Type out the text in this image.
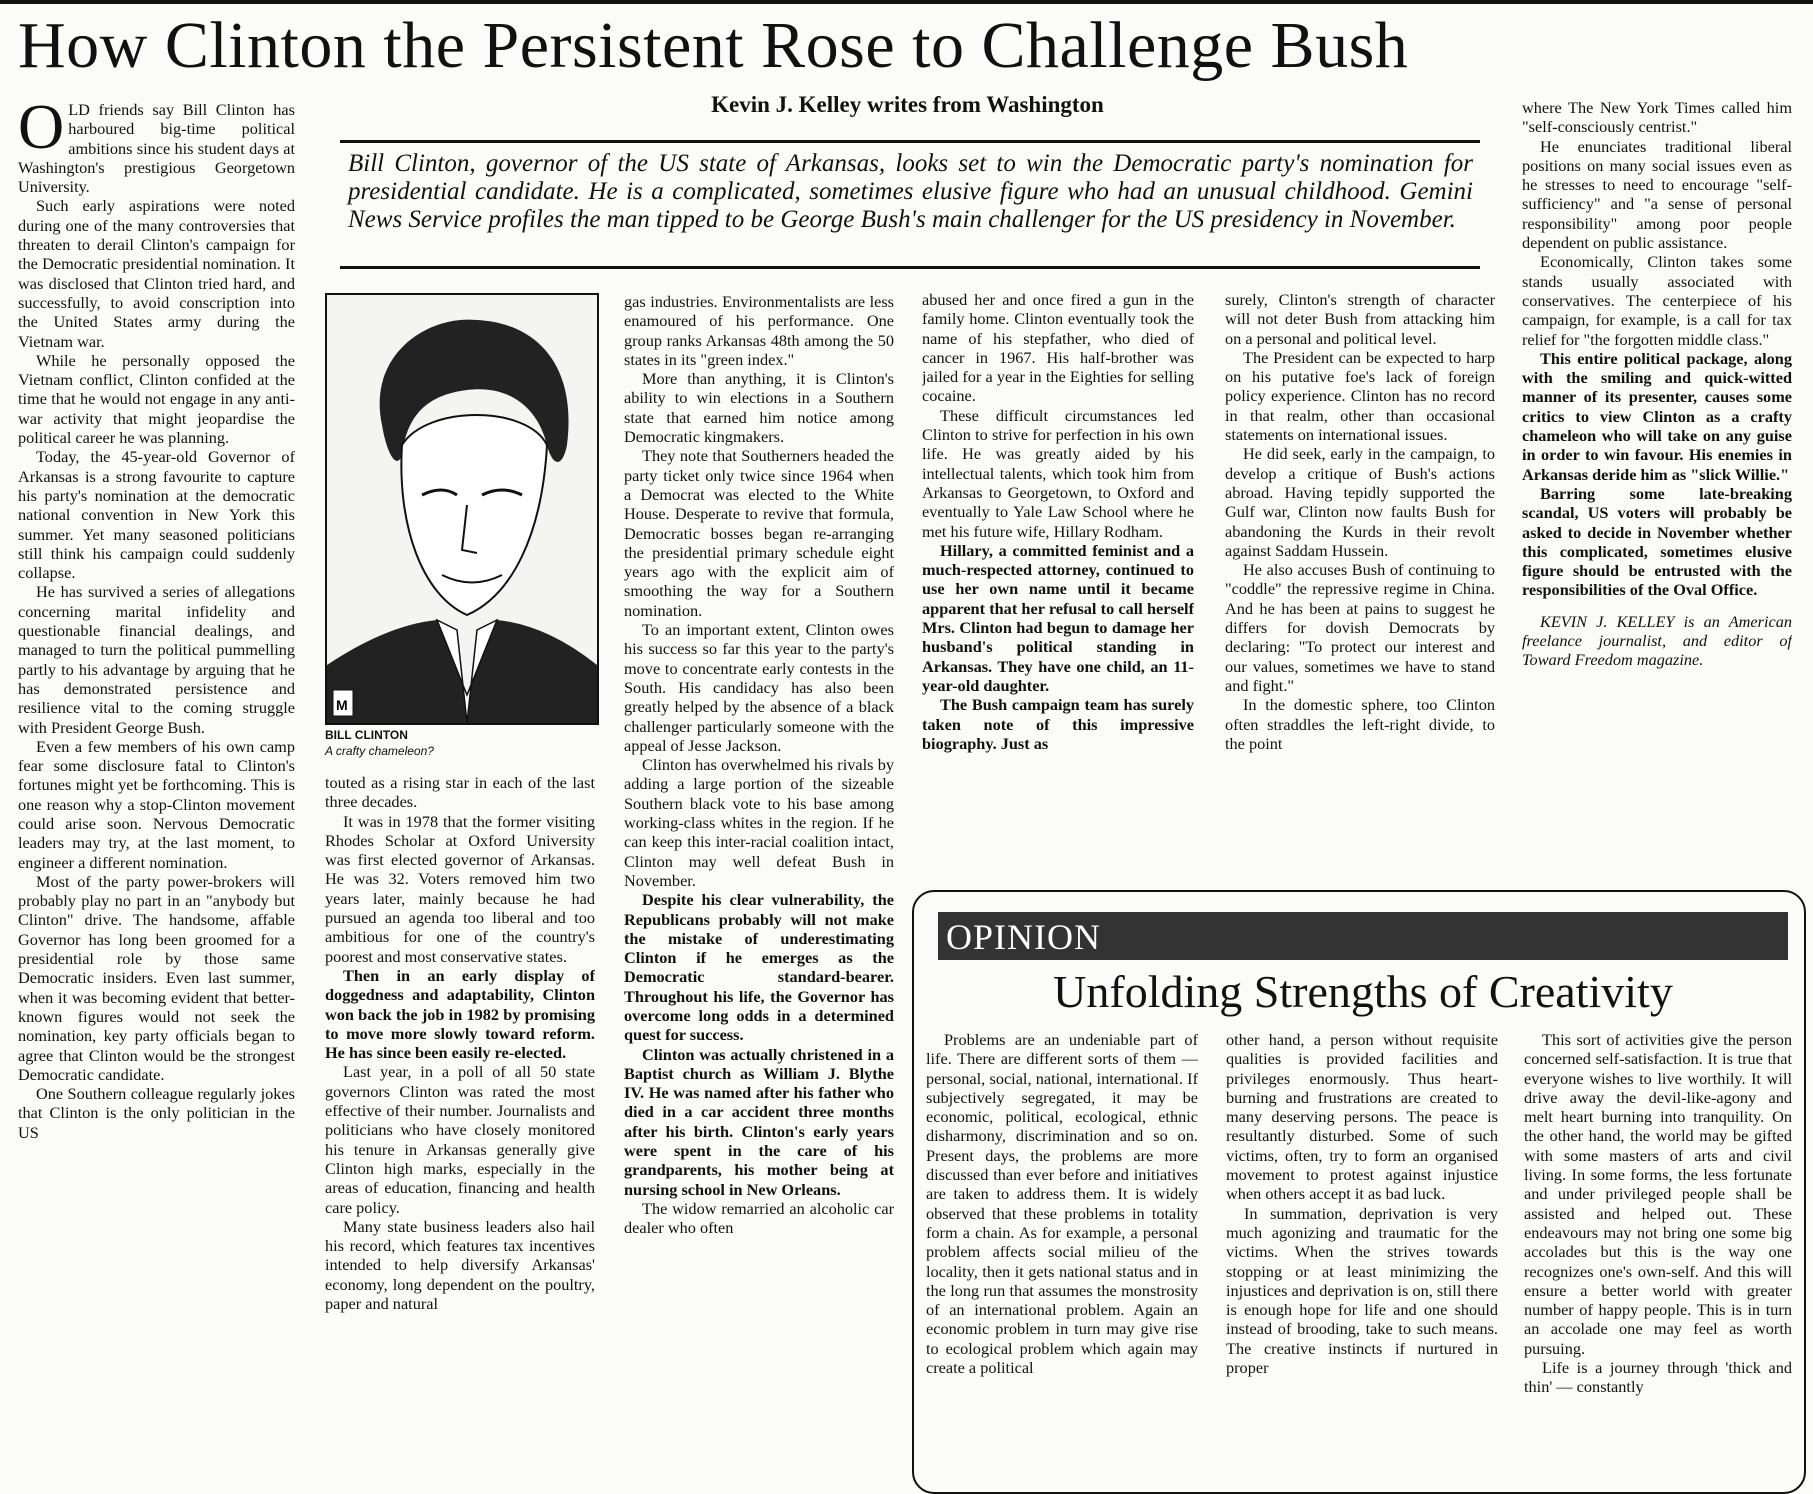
How Clinton the Persistent Rose to Challenge Bush
Kevin J. Kelley writes from Washington
Bill Clinton, governor of the US state of Arkansas, looks set to win the Democratic party's nomination for presidential candidate. He is a complicated, sometimes elusive figure who had an unusual childhood. Gemini News Service profiles the man tipped to be George Bush's main challenger for the US presidency in November.

OLD friends say Bill Clinton has harboured big-time political ambitions since his student days at Washington's prestigious Georgetown University.

Such early aspirations were noted during one of the many controversies that threaten to derail Clinton's campaign for the Democratic presidential nomination. It was disclosed that Clinton tried hard, and successfully, to avoid conscription into the United States army during the Vietnam war.

While he personally opposed the Vietnam conflict, Clinton confided at the time that he would not engage in any anti-war activity that might jeopardise the political career he was planning.

Today, the 45-year-old Governor of Arkansas is a strong favourite to capture his party's nomination at the democratic national convention in New York this summer. Yet many seasoned politicians still think his campaign could suddenly collapse.

He has survived a series of allegations concerning marital infidelity and questionable financial dealings, and managed to turn the political pummelling partly to his advantage by arguing that he has demonstrated persistence and resilience vital to the coming struggle with President George Bush.

Even a few members of his own camp fear some disclosure fatal to Clinton's fortunes might yet be forthcoming. This is one reason why a stop-Clinton movement could arise soon. Nervous Democratic leaders may try, at the last moment, to engineer a different nomination.

Most of the party power-brokers will probably play no part in an "anybody but Clinton" drive. The handsome, affable Governor has long been groomed for a presidential role by those same Democratic insiders. Even last summer, when it was becoming evident that better-known figures would not seek the nomination, key party officials began to agree that Clinton would be the strongest Democratic candidate.

One Southern colleague regularly jokes that Clinton is the only politician in the US

M
BILL CLINTON
A crafty chameleon?

touted as a rising star in each of the last three decades.

It was in 1978 that the former visiting Rhodes Scholar at Oxford University was first elected governor of Arkansas. He was 32. Voters removed him two years later, mainly because he had pursued an agenda too liberal and too ambitious for one of the country's poorest and most conservative states.

Then in an early display of doggedness and adaptability, Clinton won back the job in 1982 by promising to move more slowly toward reform. He has since been easily re-elected.

Last year, in a poll of all 50 state governors Clinton was rated the most effective of their number. Journalists and politicians who have closely monitored his tenure in Arkansas generally give Clinton high marks, especially in the areas of education, financing and health care policy.

Many state business leaders also hail his record, which features tax incentives intended to help diversify Arkansas' economy, long dependent on the poultry, paper and natural

gas industries. Environmentalists are less enamoured of his performance. One group ranks Arkansas 48th among the 50 states in its "green index."

More than anything, it is Clinton's ability to win elections in a Southern state that earned him notice among Democratic kingmakers.

They note that Southerners headed the party ticket only twice since 1964 when a Democrat was elected to the White House. Desperate to revive that formula, Democratic bosses began re-arranging the presidential primary schedule eight years ago with the explicit aim of smoothing the way for a Southern nomination.

To an important extent, Clinton owes his success so far this year to the party's move to concentrate early contests in the South. His candidacy has also been greatly helped by the absence of a black challenger particularly someone with the appeal of Jesse Jackson.

Clinton has overwhelmed his rivals by adding a large portion of the sizeable Southern black vote to his base among working-class whites in the region. If he can keep this inter-racial coalition intact, Clinton may well defeat Bush in November.

Despite his clear vulnerability, the Republicans probably will not make the mistake of underestimating Clinton if he emerges as the Democratic standard-bearer. Throughout his life, the Governor has overcome long odds in a determined quest for success.

Clinton was actually christened in a Baptist church as William J. Blythe IV. He was named after his father who died in a car accident three months after his birth. Clinton's early years were spent in the care of his grandparents, his mother being at nursing school in New Orleans.

The widow remarried an alcoholic car dealer who often

abused her and once fired a gun in the family home. Clinton eventually took the name of his stepfather, who died of cancer in 1967. His half-brother was jailed for a year in the Eighties for selling cocaine.

These difficult circumstances led Clinton to strive for perfection in his own life. He was greatly aided by his intellectual talents, which took him from Arkansas to Georgetown, to Oxford and eventually to Yale Law School where he met his future wife, Hillary Rodham.

Hillary, a committed feminist and a much-respected attorney, continued to use her own name until it became apparent that her refusal to call herself Mrs. Clinton had begun to damage her husband's political standing in Arkansas. They have one child, an 11-year-old daughter.

The Bush campaign team has surely taken note of this impressive biography. Just as

surely, Clinton's strength of character will not deter Bush from attacking him on a personal and political level.

The President can be expected to harp on his putative foe's lack of foreign policy experience. Clinton has no record in that realm, other than occasional statements on international issues.

He did seek, early in the campaign, to develop a critique of Bush's actions abroad. Having tepidly supported the Gulf war, Clinton now faults Bush for abandoning the Kurds in their revolt against Saddam Hussein.

He also accuses Bush of continuing to "coddle" the repressive regime in China. And he has been at pains to suggest he differs for dovish Democrats by declaring: "To protect our interest and our values, sometimes we have to stand and fight."

In the domestic sphere, too Clinton often straddles the left-right divide, to the point

where The New York Times called him "self-consciously centrist."

He enunciates traditional liberal positions on many social issues even as he stresses to need to encourage "self-sufficiency" and "a sense of personal responsibility" among poor people dependent on public assistance.

Economically, Clinton takes some stands usually associated with conservatives. The centerpiece of his campaign, for example, is a call for tax relief for "the forgotten middle class."

This entire political package, along with the smiling and quick-witted manner of its presenter, causes some critics to view Clinton as a crafty chameleon who will take on any guise in order to win favour. His enemies in Arkansas deride him as "slick Willie."

Barring some late-breaking scandal, US voters will probably be asked to decide in November whether this complicated, sometimes elusive figure should be entrusted with the responsibilities of the Oval Office.

KEVIN J. KELLEY is an American freelance journalist, and editor of Toward Freedom magazine.

OPINION
Unfolding Strengths of Creativity

Problems are an undeniable part of life. There are different sorts of them — personal, social, national, international. If subjectively segregated, it may be economic, political, ecological, ethnic disharmony, discrimination and so on. Present days, the problems are more discussed than ever before and initiatives are taken to address them. It is widely observed that these problems in totality form a chain. As for example, a personal problem affects social milieu of the locality, then it gets national status and in the long run that assumes the monstrosity of an international problem. Again an economic problem in turn may give rise to ecological problem which again may create a political

other hand, a person without requisite qualities is provided facilities and privileges enormously. Thus heart-burning and frustrations are created to many deserving persons. The peace is resultantly disturbed. Some of such victims, often, try to form an organised movement to protest against injustice when others accept it as bad luck.

In summation, deprivation is very much agonizing and traumatic for the victims. When the strives towards stopping or at least minimizing the injustices and deprivation is on, still there is enough hope for life and one should instead of brooding, take to such means. The creative instincts if nurtured in proper

This sort of activities give the person concerned self-satisfaction. It is true that everyone wishes to live worthily. It will drive away the devil-like-agony and melt heart burning into tranquility. On the other hand, the world may be gifted with some masters of arts and civil living. In some forms, the less fortunate and under privileged people shall be assisted and helped out. These endeavours may not bring one some big accolades but this is the way one recognizes one's own-self. And this will ensure a better world with greater number of happy people. This is in turn an accolade one may feel as worth pursuing.

Life is a journey through 'thick and thin' — constantly
